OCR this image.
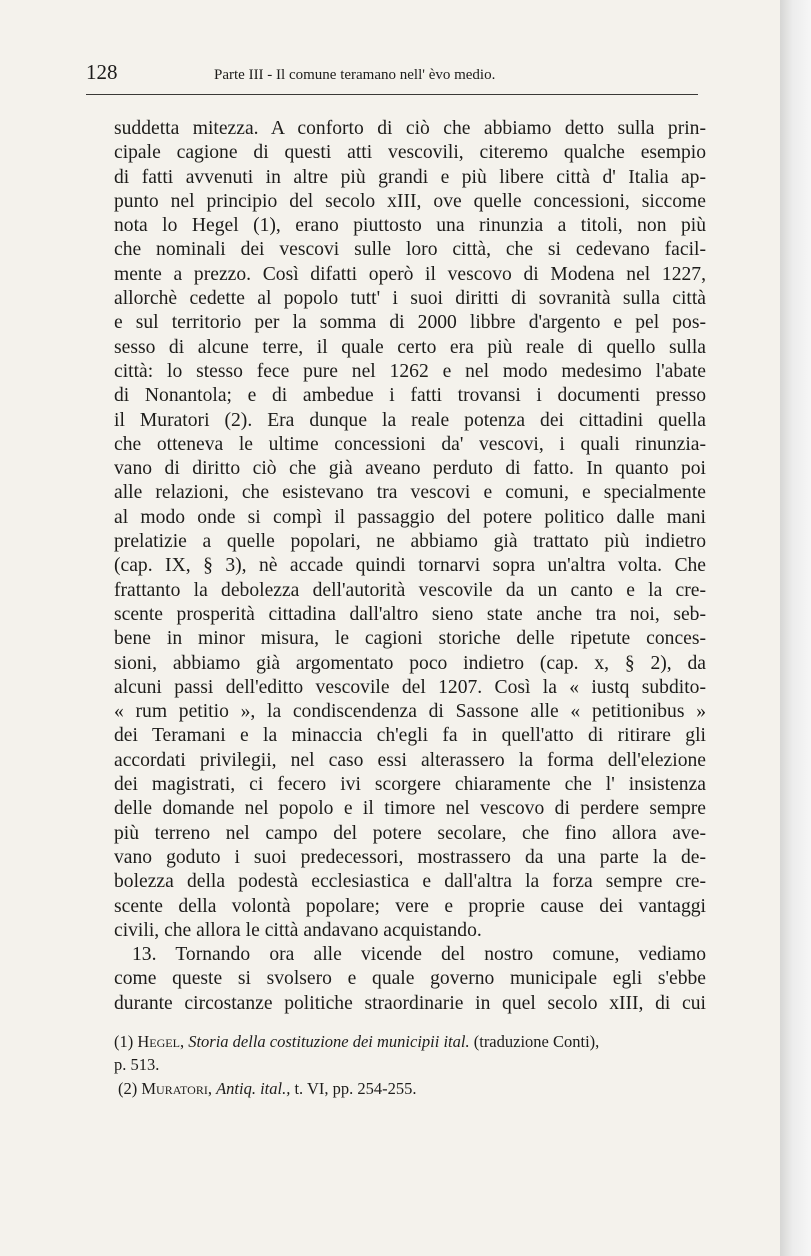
128	Parte III - Il comune teramano nell' èvo medio.
suddetta mitezza. A conforto di ciò che abbiamo detto sulla prin-
cipale cagione di questi atti vescovili, citeremo qualche esempio
di fatti avvenuti in altre più grandi e più libere città d' Italia ap-
punto nel principio del secolo xIII, ove quelle concessioni, siccome
nota lo Hegel (1), erano piuttosto una rinunzia a titoli, non più
che nominali dei vescovi sulle loro città, che si cedevano facil-
mente a prezzo. Così difatti operò il vescovo di Modena nel 1227,
allorchè cedette al popolo tutt' i suoi diritti di sovranità sulla città
e sul territorio per la somma di 2000 libbre d'argento e pel pos-
sesso di alcune terre, il quale certo era più reale di quello sulla
città: lo stesso fece pure nel 1262 e nel modo medesimo l'abate
di Nonantola; e di ambedue i fatti trovansi i documenti presso
il Muratori (2). Era dunque la reale potenza dei cittadini quella
che otteneva le ultime concessioni da' vescovi, i quali rinunzia-
vano di diritto ciò che già aveano perduto di fatto. In quanto poi
alle relazioni, che esistevano tra vescovi e comuni, e specialmente
al modo onde si compì il passaggio del potere politico dalle mani
prelatizie a quelle popolari, ne abbiamo già trattato più indietro
(cap. IX, § 3), nè accade quindi tornarvi sopra un'altra volta. Che
frattanto la debolezza dell'autorità vescovile da un canto e la cre-
scente prosperità cittadina dall'altro sieno state anche tra noi, seb-
bene in minor misura, le cagioni storiche delle ripetute conces-
sioni, abbiamo già argomentato poco indietro (cap. x, § 2), da
alcuni passi dell'editto vescovile del 1207. Così la « iustq subdito-
« rum petitio », la condiscendenza di Sassone alle « petitionibus »
dei Teramani e la minaccia ch'egli fa in quell'atto di ritirare gli
accordati privilegii, nel caso essi alterassero la forma dell'elezione
dei magistrati, ci fecero ivi scorgere chiaramente che l' insistenza
delle domande nel popolo e il timore nel vescovo di perdere sempre
più terreno nel campo del potere secolare, che fino allora ave-
vano goduto i suoi predecessori, mostrassero da una parte la de-
bolezza della podestà ecclesiastica e dall'altra la forza sempre cre-
scente della volontà popolare; vere e proprie cause dei vantaggi
civili, che allora le città andavano acquistando.
13. Tornando ora alle vicende del nostro comune, vediamo
come queste si svolsero e quale governo municipale egli s'ebbe
durante circostanze politiche straordinarie in quel secolo xIII, di cui
(1) Hegel, Storia della costituzione dei municipii ital. (traduzione Conti),
p. 513.
(2) Muratori, Antiq. ital., t. VI, pp. 254-255.
